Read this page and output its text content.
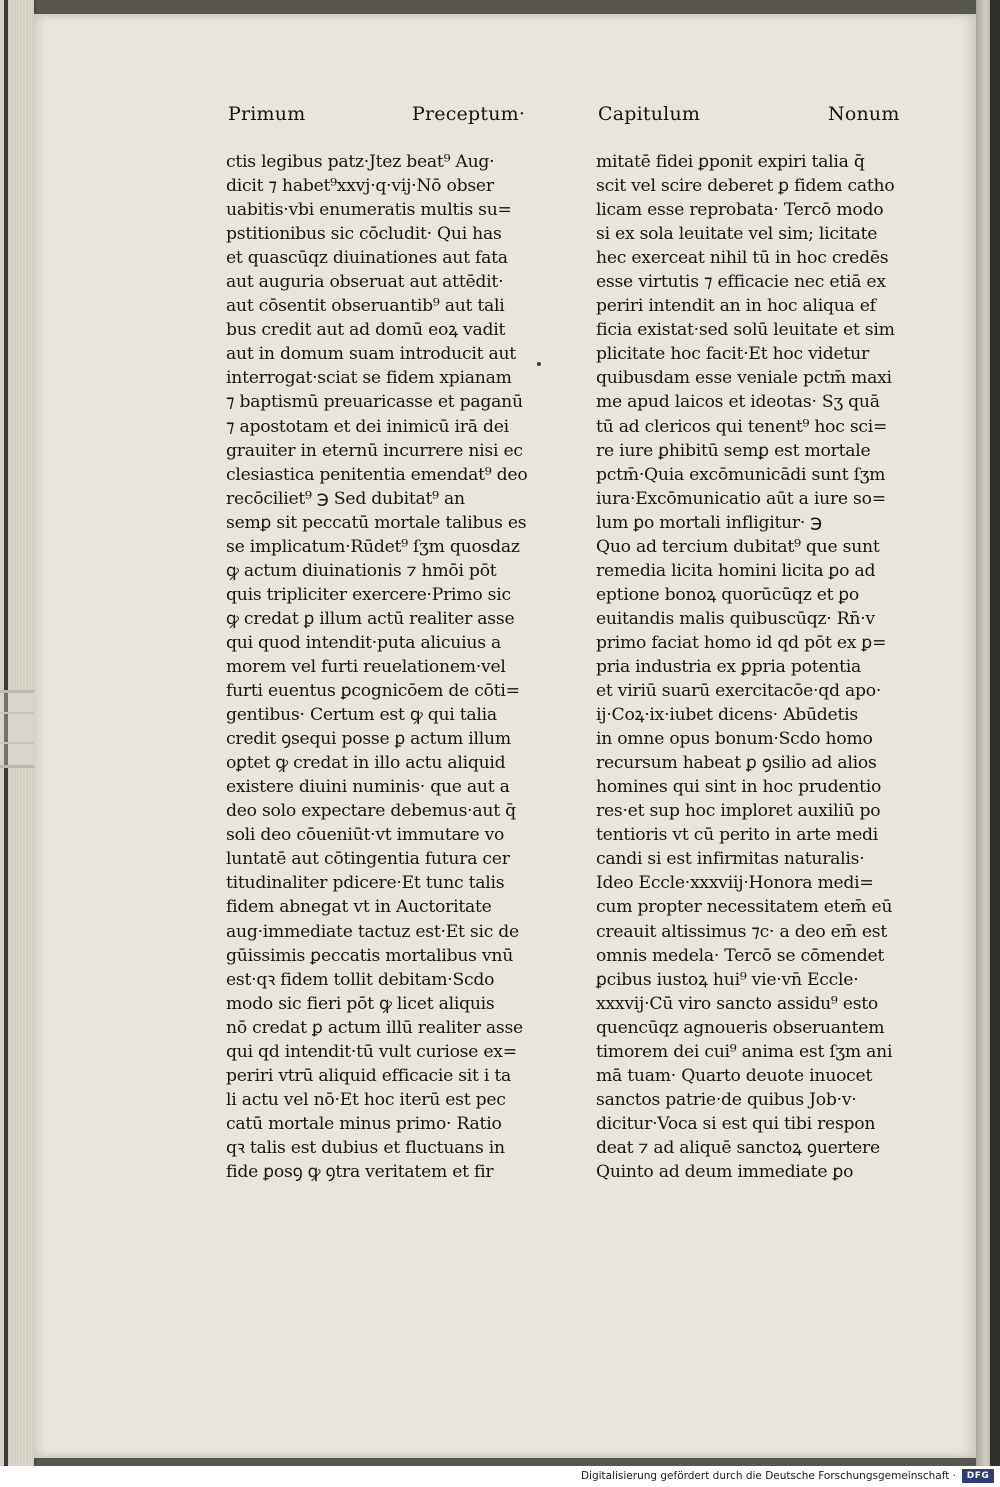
Primum	Preceptum·	Capitulum	Nonum
ctis legibus patz·Jtez beat⁹ Aug·
dicit ⁊ habet⁹xxvj·q·vij·Nō obser
uabitis·vbi enumeratis multis su=
pstitionibus sic cōcludit· Qui has
et quascūqz diuinationes aut fata
aut auguria obseruat aut attēdit·
aut cōsentit obseruantib⁹ aut tali
bus credit aut ad domū eoꝝ vadit
aut in domum suam introducit aut
interrogat·sciat se fidem xpianam
⁊ baptismū preuaricasse et paganū
⁊ apostotam et dei inimicū irā dei
grauiter in eternū incurrere nisi ec
clesiastica penitentia emendat⁹ deo
recōciliet⁹ ℈ Sed dubitat⁹ an
semꝑ sit peccatū mortale talibus es
se implicatum·Rūdet⁹ ſʒm quosdaz
ꝙ actum diuinationis ⁊ hmōi pōt
quis tripliciter exercere·Primo sic
ꝙ credat ꝑ illum actū realiter asse
qui quod intendit·puta alicuius a
morem vel furti reuelationem·vel
furti euentus ꝑcognicōem de cōti=
gentibus· Certum est ꝙ qui talia
credit ꝯsequi posse ꝑ actum illum
oꝑtet ꝙ credat in illo actu aliquid
existere diuini numinis· que aut a
deo solo expectare debemus·aut q̄
soli deo cōueniūt·vt immutare vo
luntatē aut cōtingentia futura cer
titudinaliter pdicere·Et tunc talis
fidem abnegat vt in Auctoritate
aug·immediate tactuz est·Et sic de
gūissimis ꝑeccatis mortalibus vnū
est·qꝛ fidem tollit debitam·Scdo
modo sic fieri pōt ꝙ licet aliquis
nō credat ꝑ actum illū realiter asse
qui qd intendit·tū vult curiose ex=
periri vtrū aliquid efficacie sit i ta
li actu vel nō·Et hoc iterū est pec
catū mortale minus primo· Ratio
qꝛ talis est dubius et fluctuans in
fide ꝑosꝯ ꝙ ꝯtra veritatem et fir
mitatē fidei ꝑponit expiri talia q̄
scit vel scire deberet ꝑ fidem catho
licam esse reprobata· Tercō modo
si ex sola leuitate vel sim; licitate
hec exerceat nihil tū in hoc credēs
esse virtutis ⁊ efficacie nec etiā ex
periri intendit an in hoc aliqua ef
ficia existat·sed solū leuitate et sim
plicitate hoc facit·Et hoc videtur
quibusdam esse veniale pctm̄ maxi
me apud laicos et ideotas· Sʒ quā
tū ad clericos qui tenent⁹ hoc sci=
re iure ꝑhibitū semꝑ est mortale
pctm̄·Quia excōmunicādi sunt ſʒm
iura·Excōmunicatio aūt a iure so=
lum ꝑo mortali infligitur· ℈
Quo ad tercium dubitat⁹ que sunt
remedia licita homini licita ꝑo ad
eptione bonoꝝ quorūcūqz et ꝑo
euitandis malis quibuscūqz· Rn̄·v
primo faciat homo id qd pōt ex ꝑ=
pria industria ex ꝑpria potentia
et viriū suarū exercitacōe·qd apo·
ij·Coꝝ·ix·iubet dicens· Abūdetis
in omne opus bonum·Scdo homo
recursum habeat ꝑ ꝯsilio ad alios
homines qui sint in hoc prudentio
res·et sup hoc imploret auxiliū po
tentioris vt cū perito in arte medi
candi si est infirmitas naturalis·
Ideo Eccle·xxxviij·Honora medi=
cum propter necessitatem etem̄ eū
creauit altissimus ⁊c· a deo em̄ est
omnis medela· Tercō se cōmendet
ꝑcibus iustoꝝ hui⁹ vie·vn̄ Eccle·
xxxvij·Cū viro sancto assidu⁹ esto
quencūqz agnoueris obseruantem
timorem dei cui⁹ anima est ſʒm ani
mā tuam· Quarto deuote inuocet
sanctos patrie·de quibus Job·v·
dicitur·Voca si est qui tibi respon
deat ⁊ ad aliquē sanctoꝝ ꝯuertere
Quinto ad deum immediate ꝑo
Digitalisierung gefördert durch die Deutsche Forschungsgemeinschaft ·	DFG
